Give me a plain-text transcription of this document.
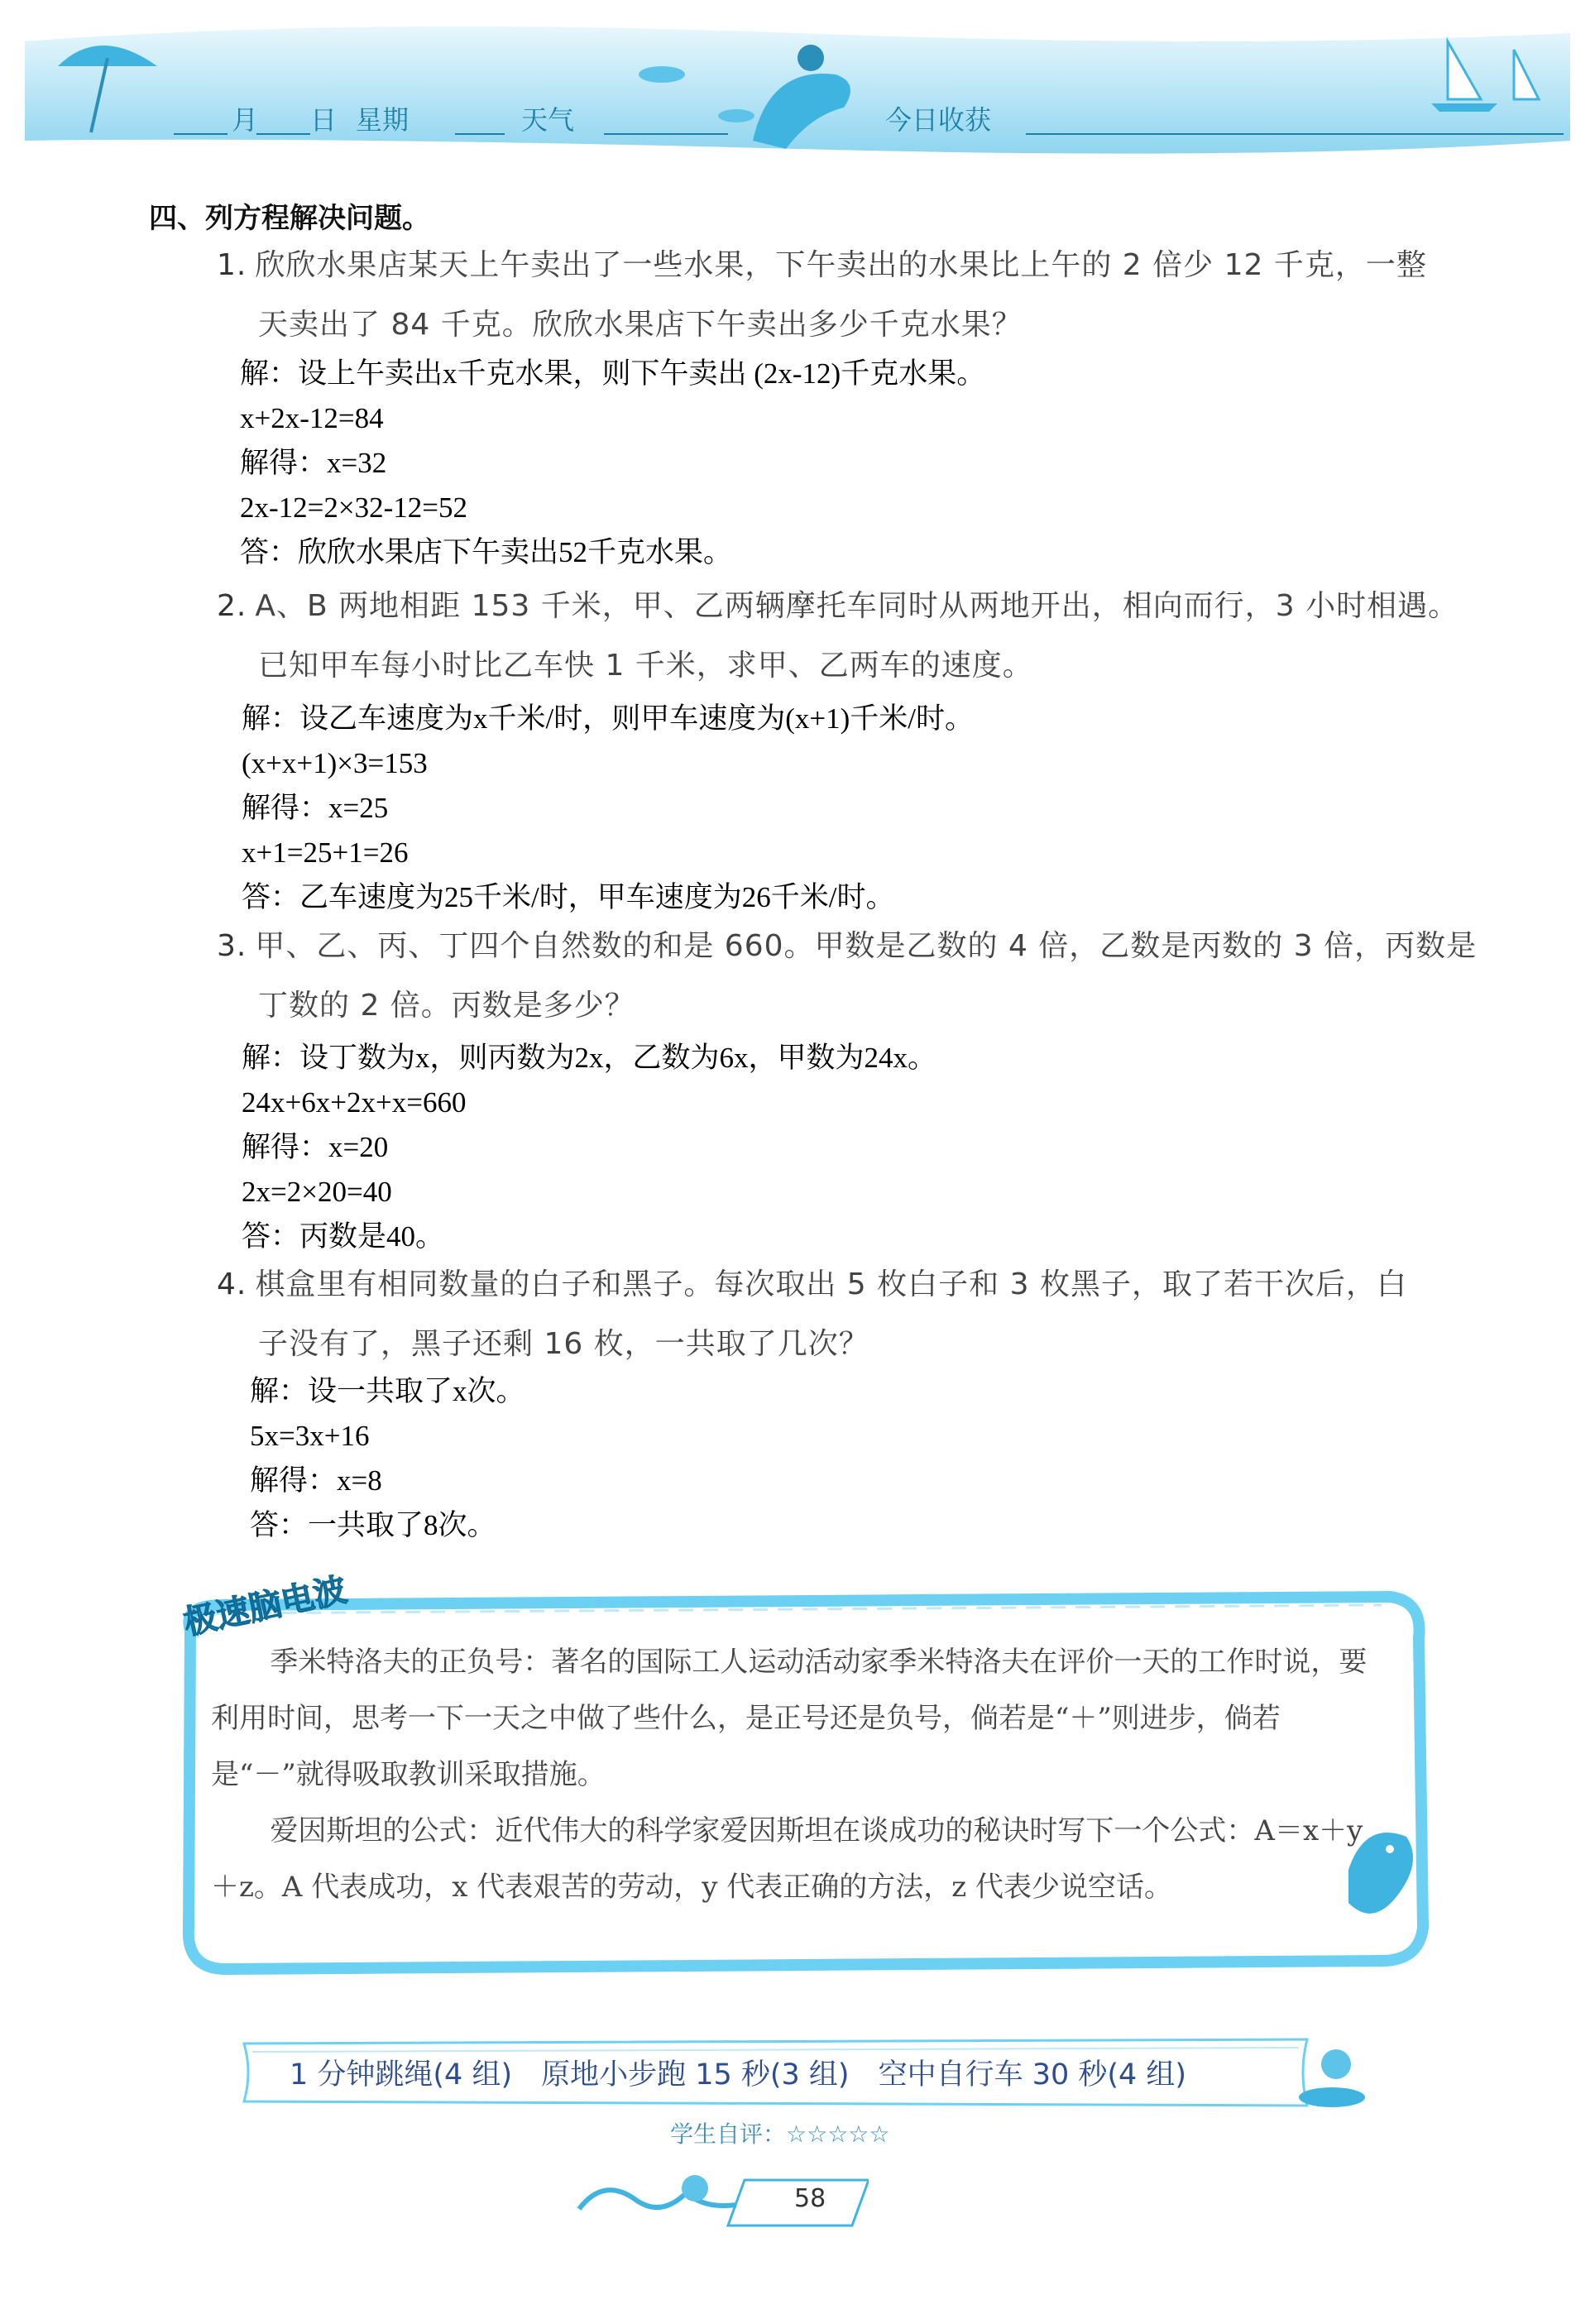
月 日 星期	天气	今日收获
四、列方程解决问题。
1. 欣欣水果店某天上午卖出了一些水果，下午卖出的水果比上午的 2 倍少 12 千克，一整
天卖出了 84 千克。欣欣水果店下午卖出多少千克水果？
解：设上午卖出x千克水果，则下午卖出 (2x-12)千克水果。
x+2x-12=84
解得：x=32
2x-12=2×32-12=52
答：欣欣水果店下午卖出52千克水果。
2. A、B 两地相距 153 千米，甲、乙两辆摩托车同时从两地开出，相向而行，3 小时相遇。
已知甲车每小时比乙车快 1 千米，求甲、乙两车的速度。
解：设乙车速度为x千米/时，则甲车速度为(x+1)千米/时。
(x+x+1)×3=153
解得：x=25
x+1=25+1=26
答：乙车速度为25千米/时，甲车速度为26千米/时。
3. 甲、乙、丙、丁四个自然数的和是 660。甲数是乙数的 4 倍，乙数是丙数的 3 倍，丙数是
丁数的 2 倍。丙数是多少？
解：设丁数为x，则丙数为2x，乙数为6x，甲数为24x。
24x+6x+2x+x=660
解得：x=20
2x=2×20=40
答：丙数是40。
4. 棋盒里有相同数量的白子和黑子。每次取出 5 枚白子和 3 枚黑子，取了若干次后，白
子没有了，黑子还剩 16 枚，一共取了几次？
解：设一共取了x次。
5x=3x+16
解得：x=8
答：一共取了8次。
极速脑电波

季米特洛夫的正负号：著名的国际工人运动活动家季米特洛夫在评价一天的工作时说，要利用时间，思考一下一天之中做了些什么，是正号还是负号，倘若是“＋”则进步，倘若是“－”就得吸取教训采取措施。

爱因斯坦的公式：近代伟大的科学家爱因斯坦在谈成功的秘诀时写下一个公式：A＝x＋y＋z。A 代表成功，x 代表艰苦的劳动，y 代表正确的方法，z 代表少说空话。

1 分钟跳绳(4 组)　原地小步跑 15 秒(3 组)　空中自行车 30 秒(4 组)
学生自评：☆☆☆☆☆
58
